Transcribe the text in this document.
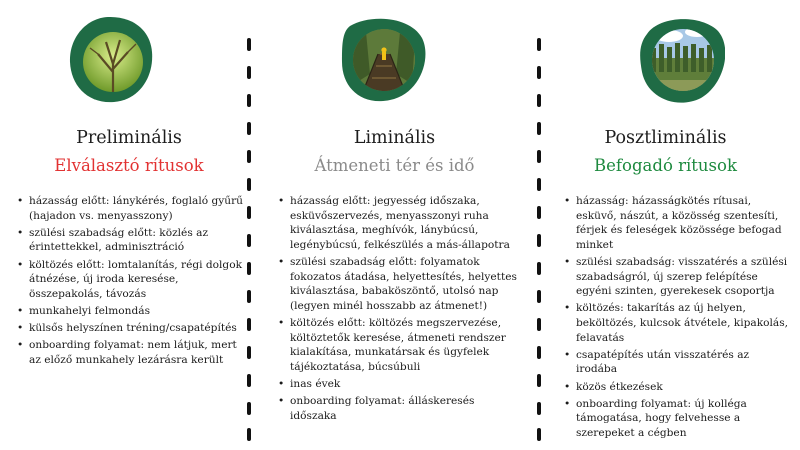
Preliminális
Elválasztó rítusok
• házasság előtt: lánykérés, foglaló gyűrű (hajadon vs. menyasszony)
• szülési szabadság előtt: közlés az érintettekkel, adminisztráció
• költözés előtt: lomtalanítás, régi dolgok átnézése, új iroda keresése, összepakolás, távozás
• munkahelyi felmondás
• külsős helyszínen tréning/csapatépítés
• onboarding folyamat: nem látjuk, mert az előző munkahely lezárásra került
Liminális
Átmeneti tér és idő
• házasság előtt: jegyesség időszaka, esküvőszervezés, menyasszonyi ruha kiválasztása, meghívók, lánybúcsú, legénybúcsú, felkészülés a más-állapotra
• szülési szabadság előtt: folyamatok fokozatos átadása, helyettesítés, helyettes kiválasztása, babaköszöntő, utolsó nap (legyen minél hosszabb az átmenet!)
• költözés előtt: költözés megszervezése, költöztetők keresése, átmeneti rendszer kialakítása, munkatársak és ügyfelek tájékoztatása, búcsúbuli
• inas évek
• onboarding folyamat: álláskeresés időszaka
Posztliminális
Befogadó rítusok
• házasság: házasságkötés rítusai, esküvő, nászút, a közösség szentesíti, férjek és feleségek közössége befogad minket
• szülési szabadság: visszatérés a szülési szabadságról, új szerep felépítése egyéni szinten, gyerekesek csoportja
• költözés: takarítás az új helyen, beköltözés, kulcsok átvétele, kipakolás, felavatás
• csapatépítés után visszatérés az irodába
• közös étkezések
• onboarding folyamat: új kolléga támogatása, hogy felvehesse a szerepeket a cégben
